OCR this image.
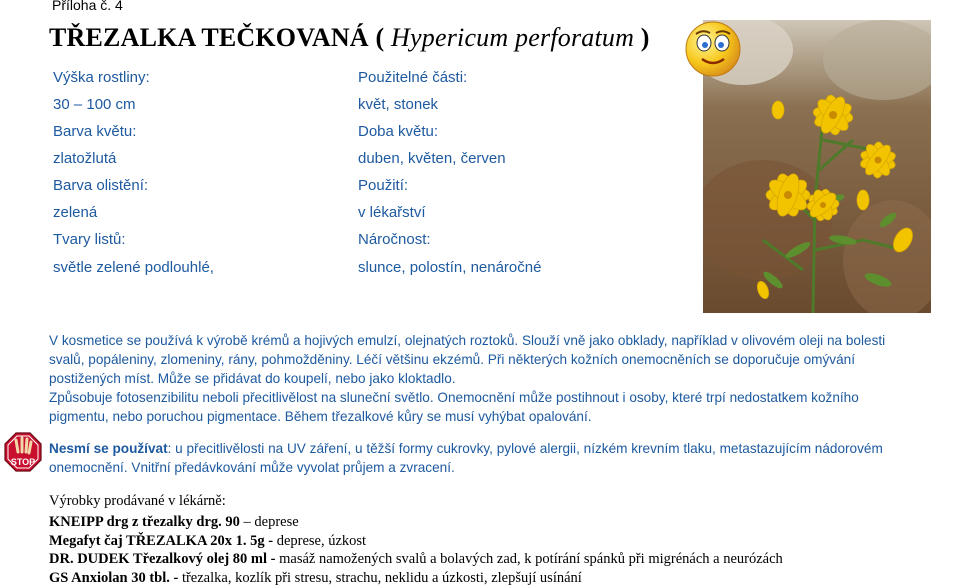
Příloha č. 4
TŘEZALKA TEČKOVANÁ ( Hypericum perforatum )
Výška rostliny:
30 – 100 cm
Barva květu:
zlatožlutá
Barva olistění:
zelená
Tvary listů:
světle zelené podlouhlé,
Použitelné části:
květ, stonek
Doba květu:
duben, květen, červen
Použití:
v lékařství
Náročnost:
slunce, polostín, nenáročné

V kosmetice se používá k výrobě krémů a hojivých emulzí, olejnatých roztoků. Slouží vně jako obklady, například v olivovém oleji na bolesti

svalů, popáleniny, zlomeniny, rány, pohmožděniny. Léčí většinu ekzémů. Při některých kožních onemocněních se doporučuje omývání

postižených míst. Může se přidávat do koupelí, nebo jako kloktadlo.

Způsobuje fotosenzibilitu neboli přecitlivělost na sluneční světlo. Onemocnění může postihnout i osoby, které trpí nedostatkem kožního

pigmentu, nebo poruchou pigmentace. Během třezalkové kůry se musí vyhýbat opalování.

STOP

Nesmí se používat: u přecitlivělosti na UV záření, u těžší formy cukrovky, pylové alergii, nízkém krevním tlaku, metastazujícím nádorovém

onemocnění. Vnitřní předávkování může vyvolat průjem a zvracení.

Výrobky prodávané v lékárně:
KNEIPP drg z třezalky drg. 90 – deprese
Megafyt čaj TŘEZALKA 20x 1. 5g - deprese, úzkost
DR. DUDEK Třezalkový olej 80 ml - masáž namožených svalů a bolavých zad, k potírání spánků při migrénách a neurózách
GS Anxiolan 30 tbl. - třezalka, kozlík při stresu, strachu, neklidu a úzkosti, zlepšují usínání
